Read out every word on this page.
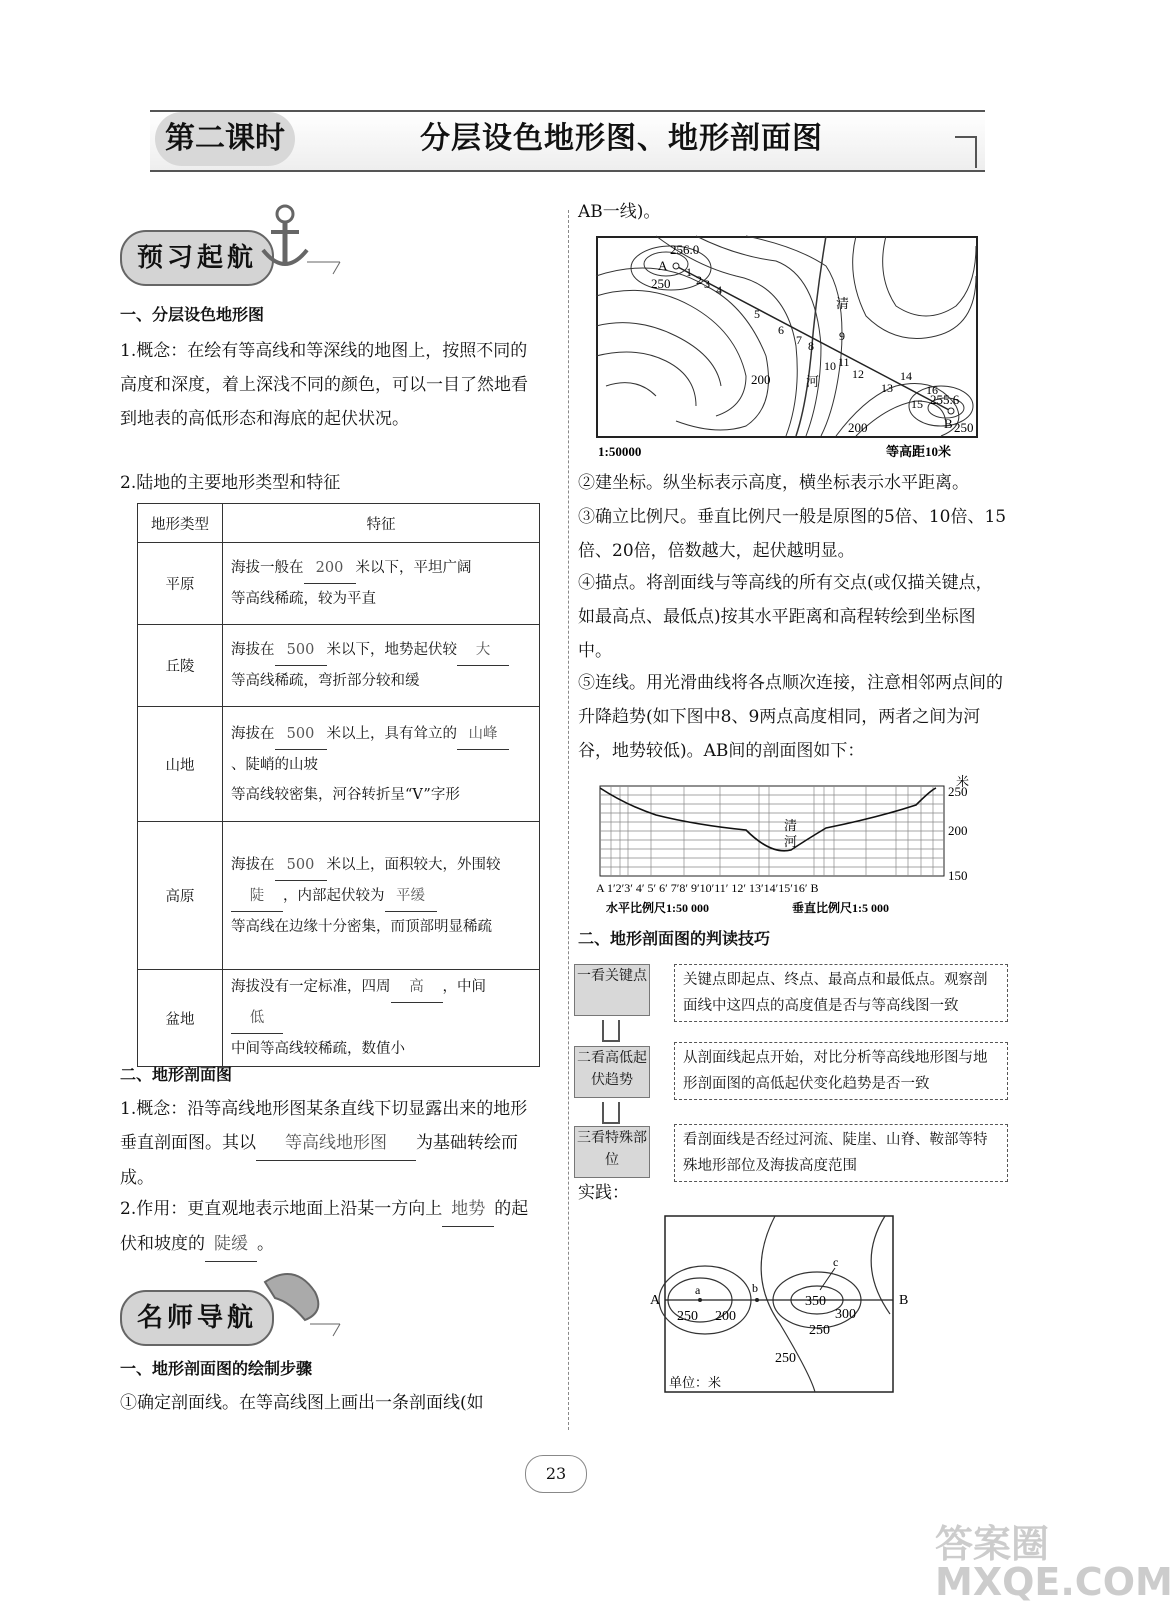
第二课时	分层设色地形图、地形剖面图
预习起航
一、分层设色地形图
1.概念：在绘有等高线和等深线的地图上，按照不同的高度和深度，着上深浅不同的颜色，可以一目了然地看到地表的高低形态和海底的起伏状况。
2.陆地的主要地形类型和特征
地形类型	特征
平原	海拔一般在 200 米以下，平坦广阔
等高线稀疏，较为平直
丘陵	海拔在 500 米以下，地势起伏较 大
等高线稀疏，弯折部分较和缓
山地	海拔在 500 米以上，具有耸立的 山峰
、陡峭的山坡
等高线较密集，河谷转折呈“V”字形
高原	海拔在 500 米以上，面积较大，外围较
陡 ，内部起伏较为 平缓
等高线在边缘十分密集，而顶部明显稀疏
盆地	海拔没有一定标准，四周 高 ，中间
低
中间等高线较稀疏，数值小
二、地形剖面图
1.概念：沿等高线地形图某条直线下切显露出来的地形垂直剖面图。其以 等高线地形图 为基础转绘而成。
2.作用：更直观地表示地面上沿某一方向上 地势 的起伏和坡度的 陡缓 。
名师导航
一、地形剖面图的绘制步骤
①确定剖面线。在等高线图上画出一条剖面线(如
AB一线)。
256.0
A
255.6
B
250
200
200	250
清
河
1
2 3 4
5
6
7 8
9
10 11
12
13
14
15
16
1:50000	等高距10米
②建坐标。纵坐标表示高度，横坐标表示水平距离。
③确立比例尺。垂直比例尺一般是原图的5倍、10倍、15倍、20倍，倍数越大，起伏越明显。
④描点。将剖面线与等高线的所有交点(或仅描关键点，如最高点、最低点)按其水平距离和高程转绘到坐标图中。
⑤连线。用光滑曲线将各点顺次连接，注意相邻两点间的升降趋势(如下图中8、9两点高度相同，两者之间为河谷，地势较低)。AB间的剖面图如下：
清
河
250
200
150
米
A 1′2′3′ 4′ 5′ 6′ 7′8′ 9′10′11′ 12′ 13′14′15′16′ B
水平比例尺1:50 000	垂直比例尺1:5 000
二、地形剖面图的判读技巧
一看关键点	关键点即起点、终点、最高点和最低点。观察剖面线中这四点的高度值是否与等高线图一致
二看高低起伏趋势
从剖面线起点开始，对比分析等高线地形图与地形剖面图的高低起伏变化趋势是否一致
三看特殊部位
看剖面线是否经过河流、陡崖、山脊、鞍部等特殊地形部位及海拔高度范围
实践：
A	B
a	b
c
250 200
350
300
250
250
单位：米
23
答案圈 MXQE.COM
